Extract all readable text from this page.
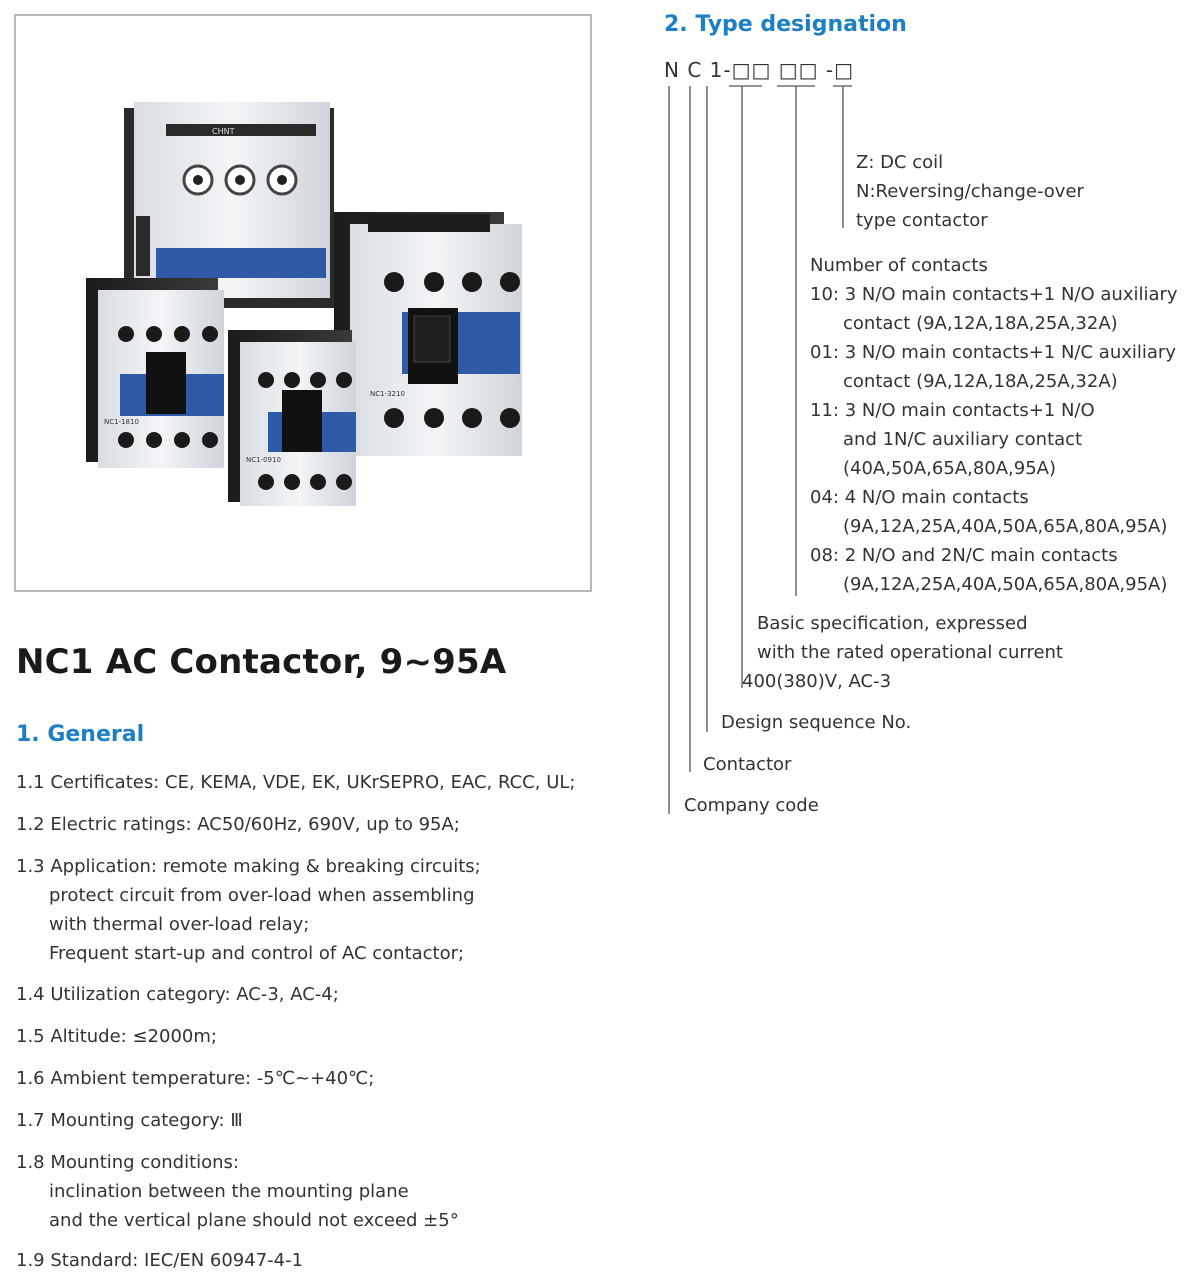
CHNT
NC1-3210
NC1-1810
NC1-0910
NC1 AC Contactor, 9~95A
1. General
1.1 Certificates: CE, KEMA, VDE, EK, UKrSEPRO, EAC, RCC, UL;
1.2 Electric ratings: AC50/60Hz, 690V, up to 95A;
1.3 Application: remote making & breaking circuits;
protect circuit from over-load when assembling
with thermal over-load relay;
Frequent start-up and control of AC contactor;
1.4 Utilization category: AC-3, AC-4;
1.5 Altitude: ≤2000m;
1.6 Ambient temperature: -5℃~+40℃;
1.7 Mounting category: Ⅲ
1.8 Mounting conditions:
inclination between the mounting plane
and the vertical plane should not exceed ±5°
1.9 Standard: IEC/EN 60947-4-1
2. Type designation
N C 1-□□ □□ -□
Z: DC coil
N:Reversing/change-over
type contactor
Number of contacts
10: 3 N/O main contacts+1 N/O auxiliary
contact (9A,12A,18A,25A,32A)
01: 3 N/O main contacts+1 N/C auxiliary
contact (9A,12A,18A,25A,32A)
11: 3 N/O main contacts+1 N/O
and 1N/C auxiliary contact
(40A,50A,65A,80A,95A)
04: 4 N/O main contacts
(9A,12A,25A,40A,50A,65A,80A,95A)
08: 2 N/O and 2N/C main contacts
(9A,12A,25A,40A,50A,65A,80A,95A)
Basic specification, expressed
with the rated operational current
400(380)V, AC-3
Design sequence No.
Contactor
Company code
